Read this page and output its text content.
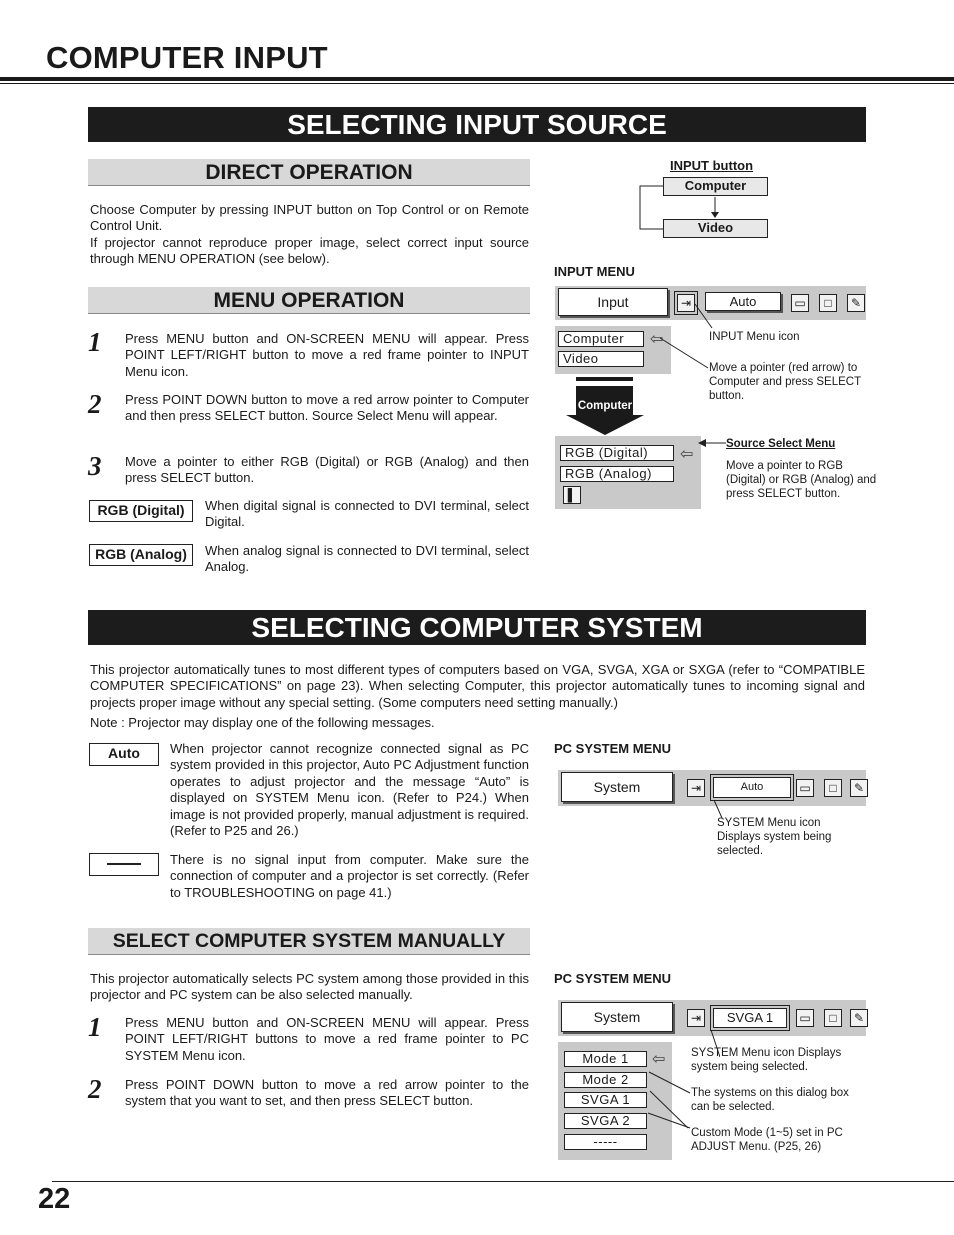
COMPUTER INPUT
SELECTING INPUT SOURCE
DIRECT OPERATION
Choose Computer by pressing INPUT button on Top Control or on Remote Control Unit.
If projector cannot reproduce proper image, select correct input source through MENU OPERATION (see below).
INPUT button
Computer
Video
INPUT MENU
Input	⇥	Auto	▭	□	✎
Computer
Video
⇦
Computer
RGB (Digital)
RGB (Analog)
⇦
▌
INPUT Menu icon
Move a pointer (red arrow) to Computer and press SELECT button.
Source Select Menu
Move a pointer to RGB (Digital) or RGB (Analog) and press SELECT button.
MENU OPERATION
1 Press MENU button and ON-SCREEN MENU will appear. Press POINT LEFT/RIGHT button to move a red frame pointer to INPUT Menu icon.
2 Press POINT DOWN button to move a red arrow pointer to Computer and then press SELECT button. Source Select Menu will appear.
3 Move a pointer to either RGB (Digital) or RGB (Analog) and then press SELECT button.
RGB (Digital)	When digital signal is connected to DVI terminal, select Digital.
RGB (Analog)	When analog signal is connected to DVI terminal, select Analog.
SELECTING COMPUTER SYSTEM
This projector automatically tunes to most different types of computers based on VGA, SVGA, XGA or SXGA (refer to “COMPATIBLE COMPUTER SPECIFICATIONS” on page 23). When selecting Computer, this projector automatically tunes to incoming signal and projects proper image without any special setting. (Some computers need setting manually.)
Note : Projector may display one of the following messages.
Auto	When projector cannot recognize connected signal as PC system provided in this projector, Auto PC Adjustment function operates to adjust projector and the message “Auto” is displayed on SYSTEM Menu icon. (Refer to P24.) When image is not provided properly, manual adjustment is required. (Refer to P25 and 26.)
There is no signal input from computer. Make sure the connection of computer and a projector is set correctly. (Refer to TROUBLESHOOTING on page 41.)
PC SYSTEM MENU
System	⇥	Auto	▭	□	✎
SYSTEM Menu icon Displays system being selected.
SELECT COMPUTER SYSTEM MANUALLY
This projector automatically selects PC system among those provided in this projector and PC system can be also selected manually.
1 Press MENU button and ON-SCREEN MENU will appear. Press POINT LEFT/RIGHT buttons to move a red frame pointer to PC SYSTEM Menu icon.
2 Press POINT DOWN button to move a red arrow pointer to the system that you want to set, and then press SELECT button.
PC SYSTEM MENU
System	⇥	SVGA 1	▭	□	✎
Mode 1
Mode 2
SVGA 1
SVGA 2
-----
⇦ SYSTEM Menu icon Displays system being selected.
The systems on this dialog box can be selected.
Custom Mode (1~5) set in PC ADJUST Menu. (P25, 26)
22
